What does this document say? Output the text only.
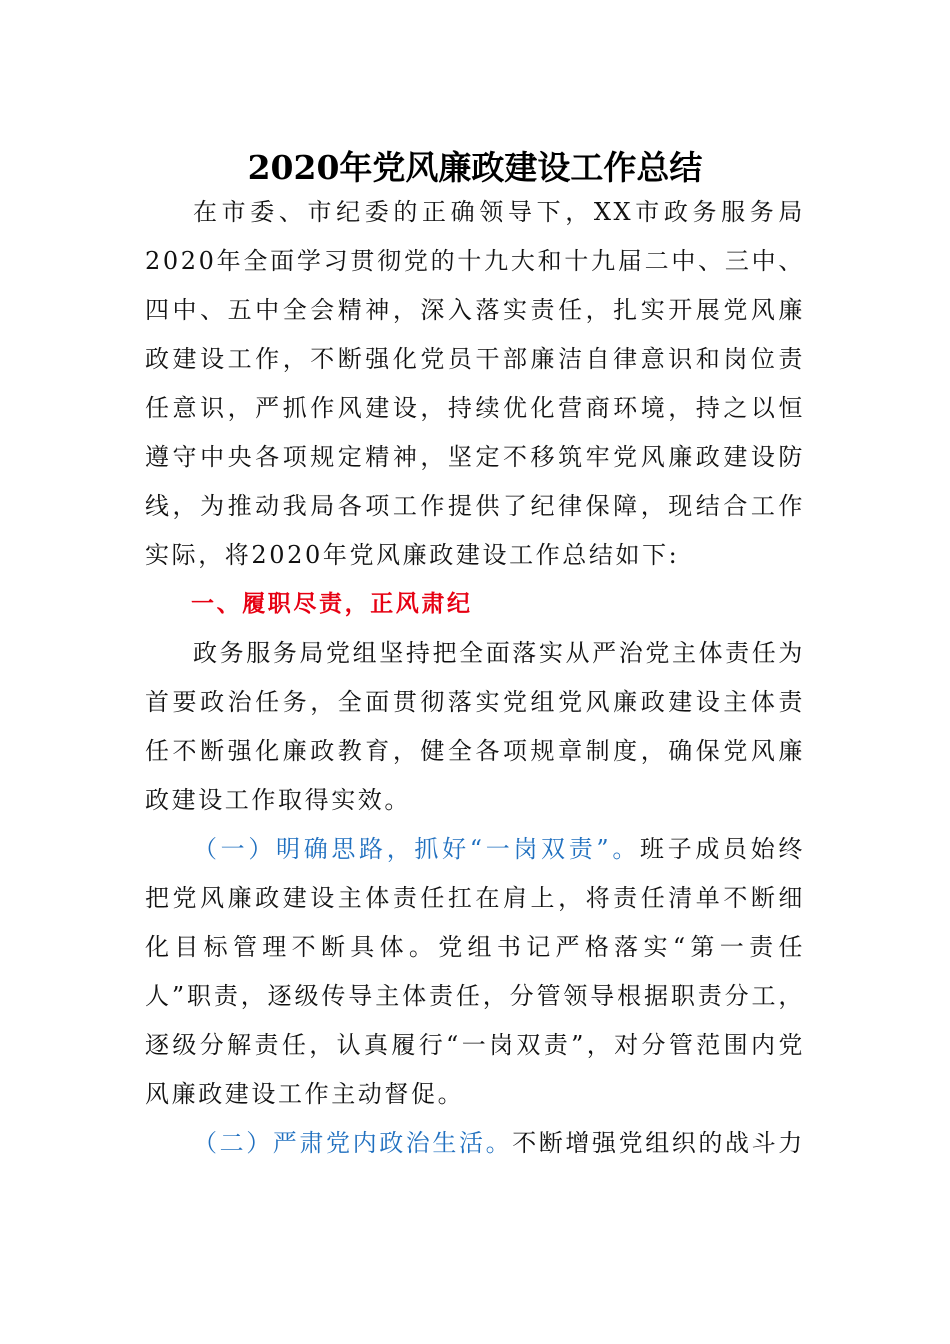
2020年党风廉政建设工作总结

在市委、市纪委的正确领导下，XX市政务服务局2020年全面学习贯彻党的十九大和十九届二中、三中、四中、五中全会精神，深入落实责任，扎实开展党风廉政建设工作，不断强化党员干部廉洁自律意识和岗位责任意识，严抓作风建设，持续优化营商环境，持之以恒遵守中央各项规定精神，坚定不移筑牢党风廉政建设防线，为推动我局各项工作提供了纪律保障，现结合工作实际，将2020年党风廉政建设工作总结如下:

一、履职尽责，正风肃纪

政务服务局党组坚持把全面落实从严治党主体责任为首要政治任务，全面贯彻落实党组党风廉政建设主体责任不断强化廉政教育，健全各项规章制度，确保党风廉政建设工作取得实效。

（一）明确思路，抓好“一岗双责”。班子成员始终把党风廉政建设主体责任扛在肩上，将责任清单不断细化目标管理不断具体。党组书记严格落实“第一责任人”职责，逐级传导主体责任，分管领导根据职责分工，逐级分解责任，认真履行“一岗双责”，对分管范围内党风廉政建设工作主动督促。

（二）严肃党内政治生活。不断增强党组织的战斗力
